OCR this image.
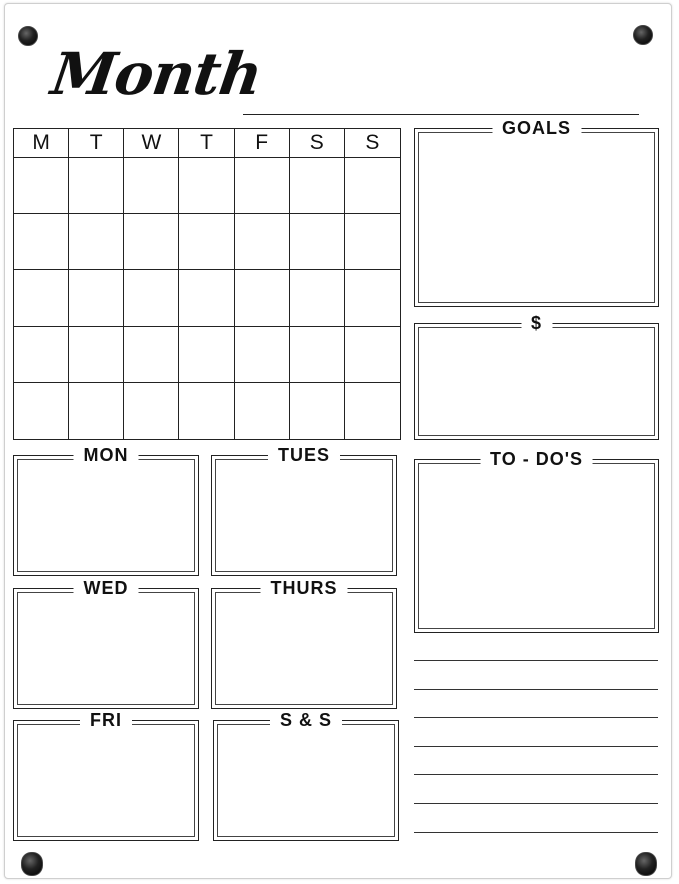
Month
M	T	W	T	F	S	S
GOALS
$
TO - DO'S
MON	TUES
WED	THURS
FRI	S & S
